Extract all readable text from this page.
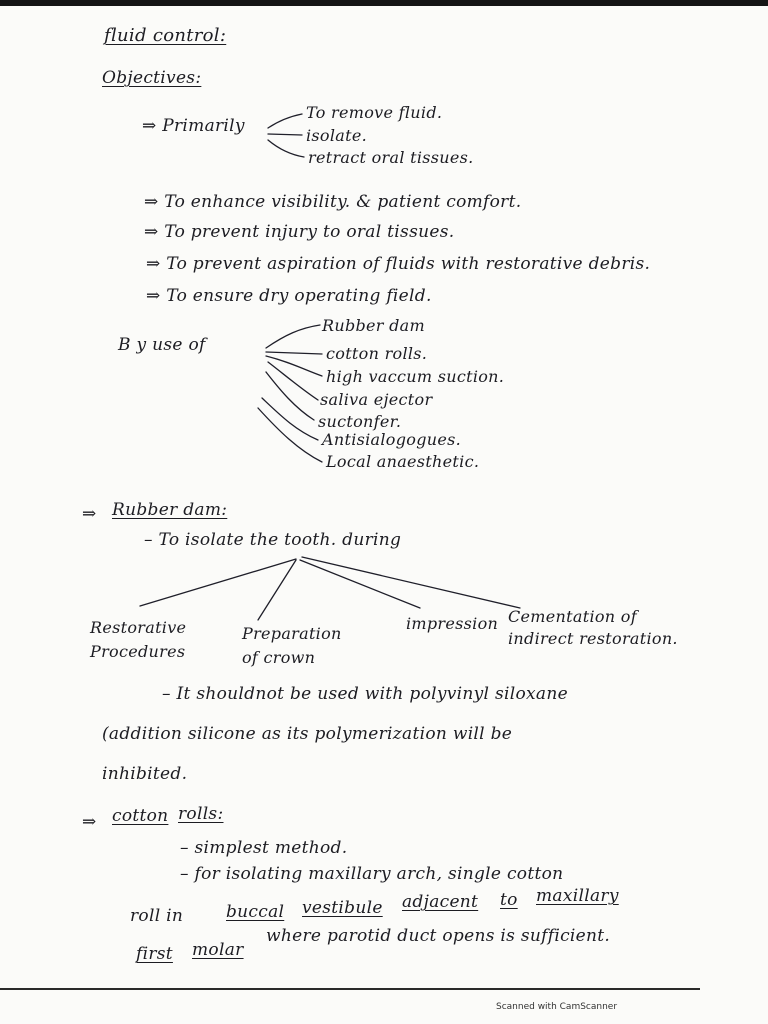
fluid control:
Objectives:
⇒ Primarily
To remove fluid.
isolate.
retract oral tissues.
⇒ To enhance visibility. & patient comfort.
⇒ To prevent injury to oral tissues.
⇒ To prevent aspiration of fluids with restorative debris.
⇒ To ensure dry operating field.
B y use of
Rubber dam
cotton rolls.
high vaccum suction.
saliva ejector
suctonfer.
Antisialogogues.
Local anaesthetic.
⇒ Rubber dam:
– To isolate the tooth. during
Restorative Procedures
Preparation of crown
impression Cementation of indirect restoration.
– It shouldnot be used with polyvinyl siloxane
(addition silicone as its polymerization will be
inhibited.
⇒ cotton rolls:
– simplest method.
– for isolating maxillary arch, single cotton
roll in	buccal vestibule adjacent to maxillary
first molar
where parotid duct opens is sufficient.
Scanned with CamScanner
